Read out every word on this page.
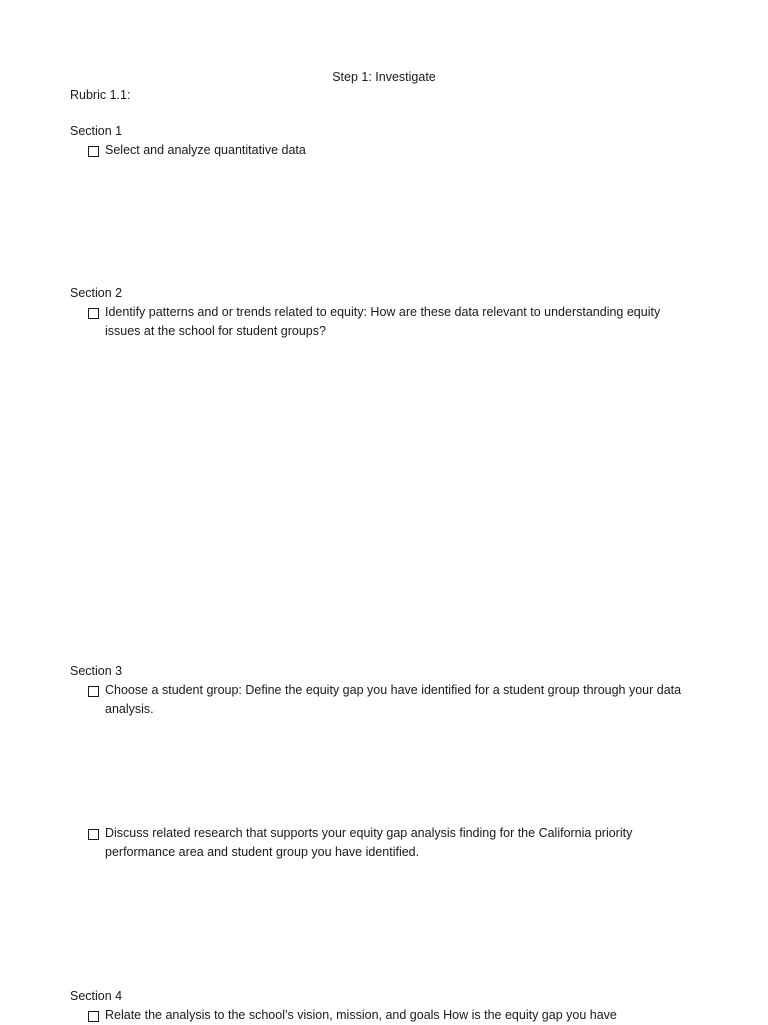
Step 1: Investigate
Rubric 1.1:
Section 1
Select and analyze quantitative data
Section 2
Identify patterns and or trends related to equity: How are these data relevant to understanding equity issues at the school for student groups?
Section 3
Choose a student group: Define the equity gap you have identified for a student group through your data analysis.
Discuss related research that supports your equity gap analysis finding for the California priority performance area and student group you have identified.
Section 4
Relate the analysis to the school’s vision, mission, and goals How is the equity gap you have
